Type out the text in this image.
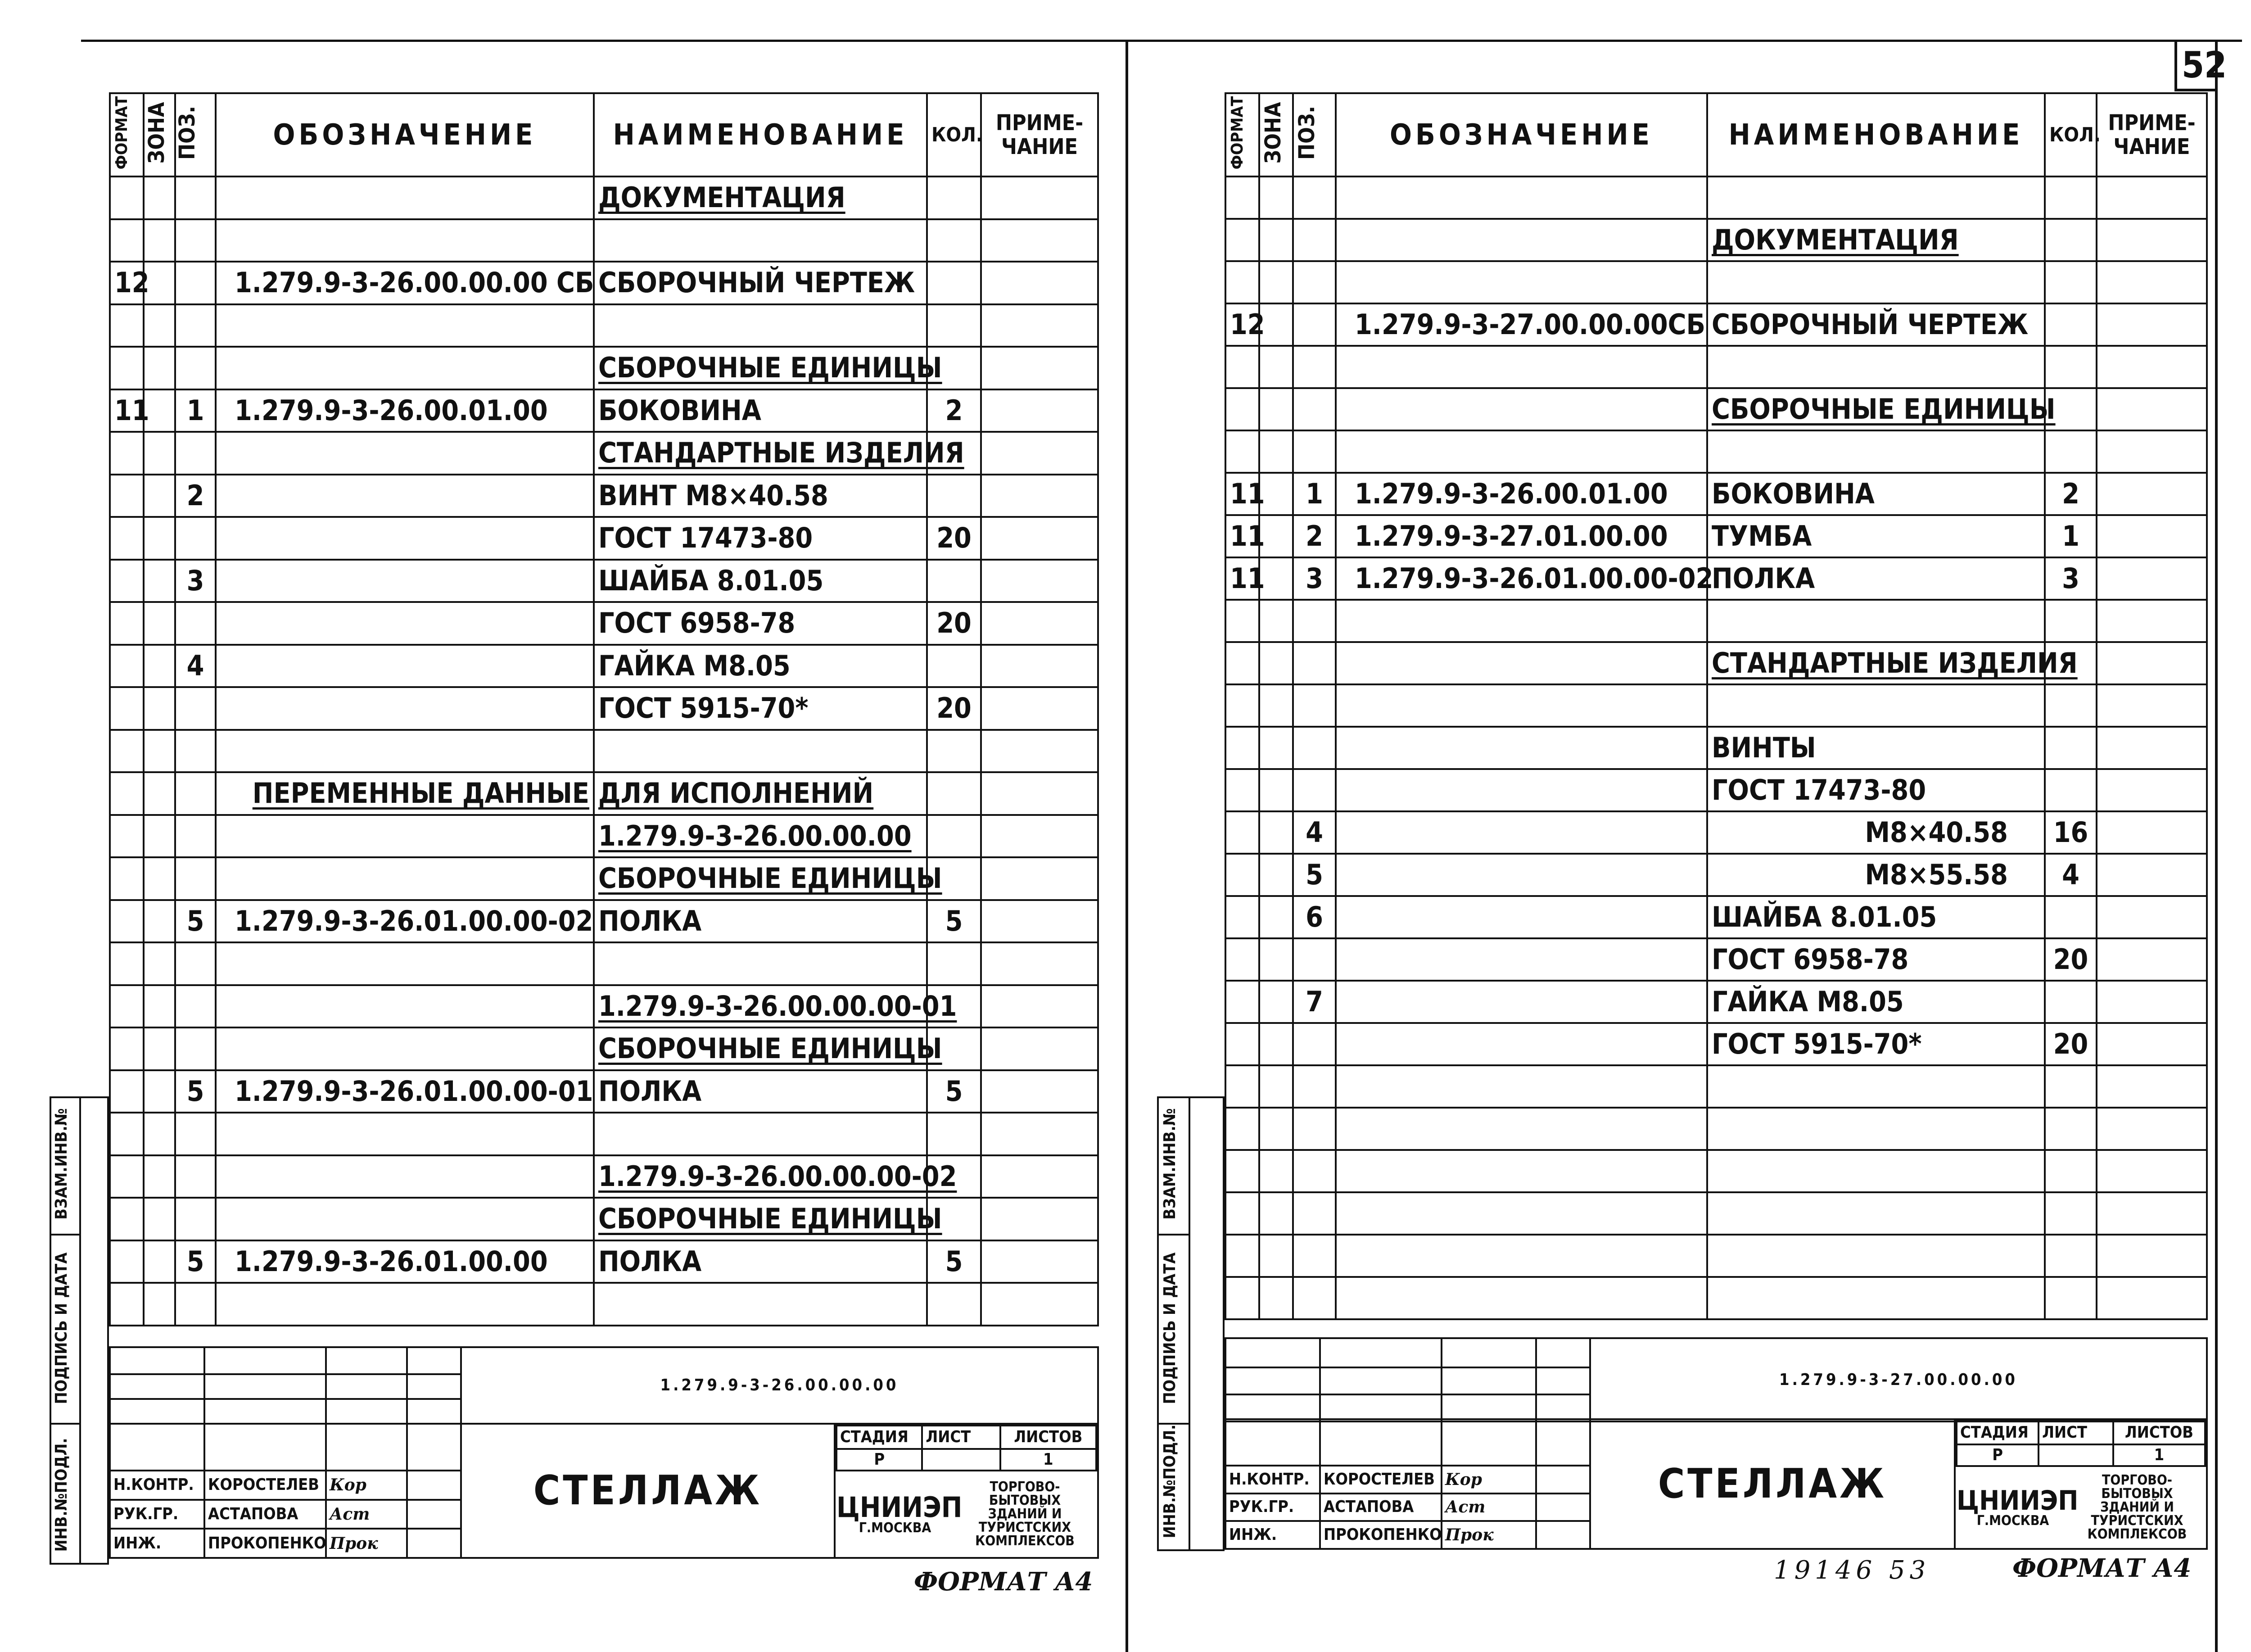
52
ИНВ.№ПОДЛ.
ПОДПИСЬ И ДАТА
ВЗАМ.ИНВ.№
ФОРМАТ ЗОНА ПОЗ.
				ОБОЗНАЧЕНИЕ	НАИМЕНОВАНИЕ	КОЛ.	ПРИМЕ-
ЧАНИЕ

				ДОКУМЕНТАЦИЯ		

12			1.279.9-3-26.00.00.00 СБ	СБОРОЧНЫЙ ЧЕРТЕЖ		

				СБОРОЧНЫЕ ЕДИНИЦЫ		
11		1	1.279.9-3-26.00.01.00	БОКОВИНА	2	
				СТАНДАРТНЫЕ ИЗДЕЛИЯ		
		2		ВИНТ М8×40.58		
				ГОСТ 17473-80	20	
		3		ШАЙБА 8.01.05		
				ГОСТ 6958-78	20	
		4		ГАЙКА М8.05		
				ГОСТ 5915-70*	20	

			ПЕРЕМЕННЫЕ ДАННЫЕ	ДЛЯ ИСПОЛНЕНИЙ		
				1.279.9-3-26.00.00.00		
				СБОРОЧНЫЕ ЕДИНИЦЫ		
		5	1.279.9-3-26.01.00.00-02	ПОЛКА	5	

				1.279.9-3-26.00.00.00-01		
				СБОРОЧНЫЕ ЕДИНИЦЫ		
		5	1.279.9-3-26.01.00.00-01	ПОЛКА	5	

				1.279.9-3-26.00.00.00-02		
				СБОРОЧНЫЕ ЕДИНИЦЫ		
		5	1.279.9-3-26.01.00.00	ПОЛКА	5	

				1.279.9-3-26.00.00.00

				СТЕЛЛАЖ	
СТАДИЯ	ЛИСТ	ЛИСТОВ
Р		1

ЦНИИЭП
Г.МОСКВА
ТОРГОВО-
БЫТОВЫХ
ЗДАНИЙ И
ТУРИСТСКИХ
КОМПЛЕКСОВ

Н.КОНТР.	КОРОСТЕЛЕВ	Кор	
РУК.ГР.	АСТАПОВА	Аст	
ИНЖ.	ПРОКОПЕНКО	Прок	
ФОРМАТ А4
ИНВ.№ПОДЛ.
ПОДПИСЬ И ДАТА
ВЗАМ.ИНВ.№
ФОРМАТ ЗОНА ПОЗ.
			ОБОЗНАЧЕНИЕ	НАИМЕНОВАНИЕ	КОЛ.	ПРИМЕ-
ЧАНИЕ

				ДОКУМЕНТАЦИЯ		

12			1.279.9-3-27.00.00.00СБ	СБОРОЧНЫЙ ЧЕРТЕЖ		

				СБОРОЧНЫЕ ЕДИНИЦЫ		

11		1	1.279.9-3-26.00.01.00	БОКОВИНА	2	
11		2	1.279.9-3-27.01.00.00	ТУМБА	1	
11		3	1.279.9-3-26.01.00.00-02	ПОЛКА	3	

				СТАНДАРТНЫЕ ИЗДЕЛИЯ		

				ВИНТЫ		
				ГОСТ 17473-80		
		4		М8×40.58	16	
		5		М8×55.58	4	
		6		ШАЙБА 8.01.05		
				ГОСТ 6958-78	20	
		7		ГАЙКА М8.05		
				ГОСТ 5915-70*	20	

				1.279.9-3-27.00.00.00

				СТЕЛЛАЖ	
СТАДИЯ	ЛИСТ	ЛИСТОВ
Р		1

ЦНИИЭП
Г.МОСКВА
ТОРГОВО-
БЫТОВЫХ
ЗДАНИЙ И
ТУРИСТСКИХ
КОМПЛЕКСОВ

Н.КОНТР.	КОРОСТЕЛЕВ	Кор	
РУК.ГР.	АСТАПОВА	Аст	
ИНЖ.	ПРОКОПЕНКО	Прок	
19146 53	ФОРМАТ А4
